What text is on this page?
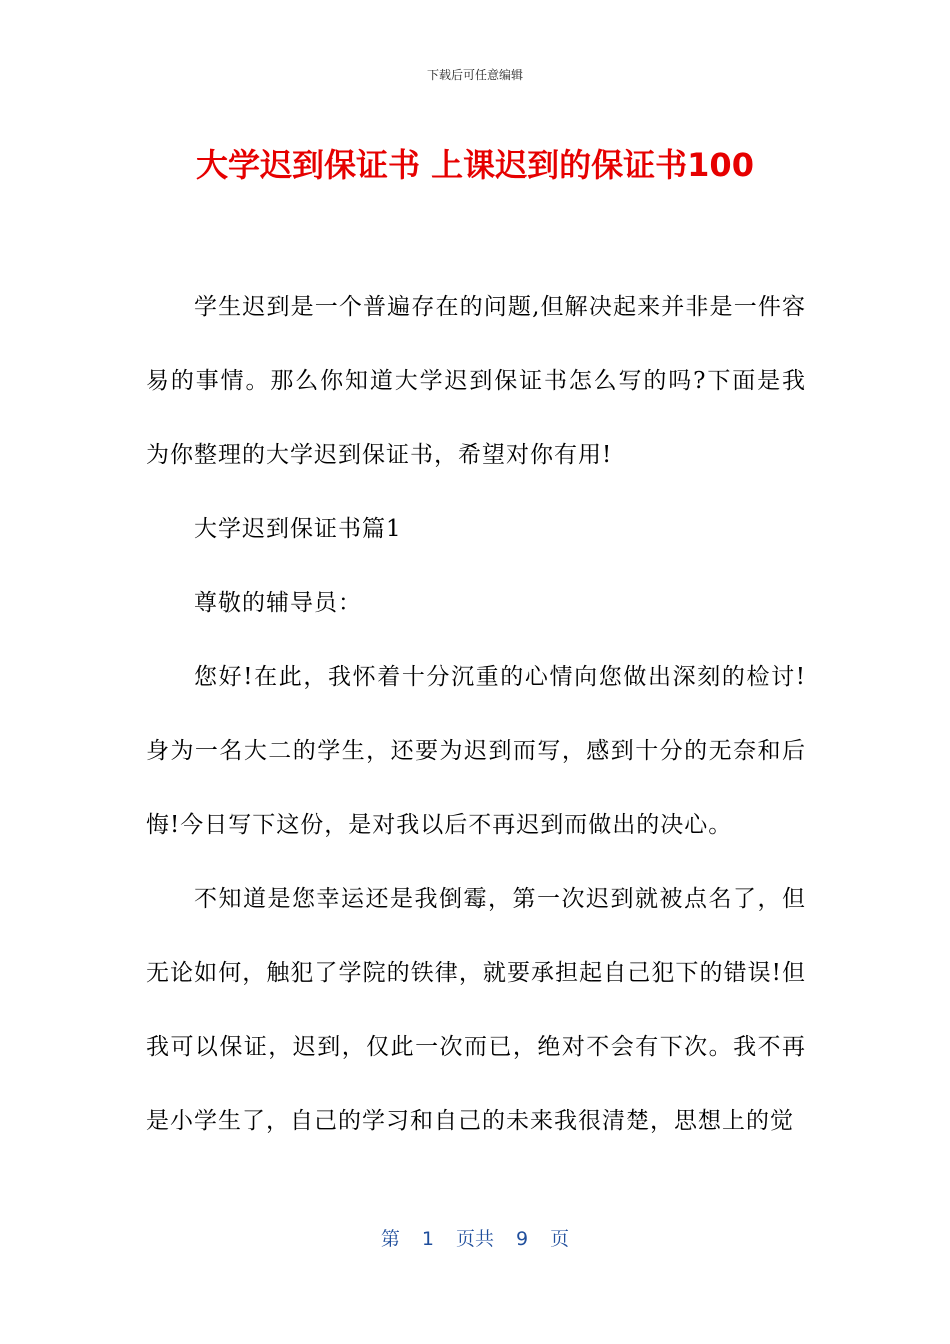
下载后可任意编辑
大学迟到保证书 上课迟到的保证书100

学生迟到是一个普遍存在的问题,但解决起来并非是一件容易的事情。那么你知道大学迟到保证书怎么写的吗?下面是我为你整理的大学迟到保证书，希望对你有用!

大学迟到保证书篇1

尊敬的辅导员：

您好!在此，我怀着十分沉重的心情向您做出深刻的检讨!身为一名大二的学生，还要为迟到而写，感到十分的无奈和后悔!今日写下这份，是对我以后不再迟到而做出的决心。

不知道是您幸运还是我倒霉，第一次迟到就被点名了，但无论如何，触犯了学院的铁律，就要承担起自己犯下的错误!但我可以保证，迟到，仅此一次而已，绝对不会有下次。我不再是小学生了，自己的学习和自己的未来我很清楚，思想上的觉

第 1 页共 9 页
